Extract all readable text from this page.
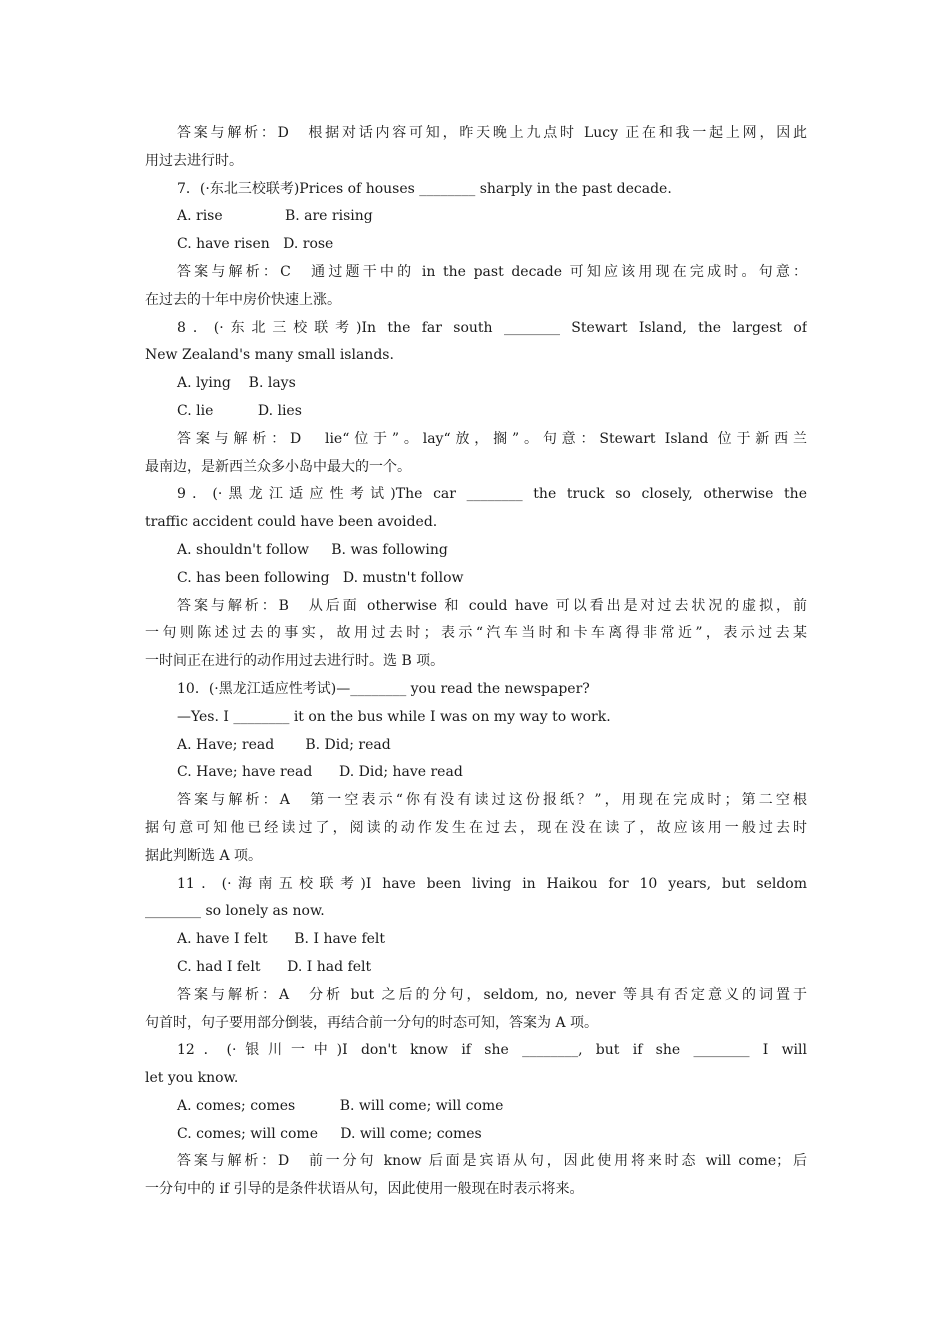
答案与解析：D　根据对话内容可知，昨天晚上九点时 Lucy 正在和我一起上网，因此
用过去进行时。
7．(·东北三校联考)Prices of houses ________ sharply in the past decade.
A. rise              B. are rising
C. have risen   D. rose
答案与解析：C　通过题干中的 in the past decade 可知应该用现在完成时。句意：
在过去的十年中房价快速上涨。
8．(·东北三校联考)In the far south ________ Stewart Island, the largest of
New Zealand's many small islands.
A. lying    B. lays
C. lie          D. lies
答案与解析：D　lie“位于”。lay“放，搁”。句意：Stewart Island 位于新西兰
最南边，是新西兰众多小岛中最大的一个。
9．(·黑龙江适应性考试)The car ________ the truck so closely, otherwise the
traffic accident could have been avoided.
A. shouldn't follow     B. was following
C. has been following   D. mustn't follow
答案与解析：B　从后面 otherwise 和 could have 可以看出是对过去状况的虚拟，前
一句则陈述过去的事实，故用过去时；表示“汽车当时和卡车离得非常近”，表示过去某
一时间正在进行的动作用过去进行时。选 B 项。
10．(·黑龙江适应性考试)—________ you read the newspaper?
—Yes. I ________ it on the bus while I was on my way to work.
A. Have; read       B. Did; read
C. Have; have read      D. Did; have read
答案与解析：A　第一空表示“你有没有读过这份报纸？”，用现在完成时；第二空根
据句意可知他已经读过了，阅读的动作发生在过去，现在没在读了，故应该用一般过去时
据此判断选 A 项。
11．(·海南五校联考)I have been living in Haikou for 10 years, but seldom
________ so lonely as now.
A. have I felt      B. I have felt
C. had I felt      D. I had felt
答案与解析：A　分析 but 之后的分句，seldom, no, never 等具有否定意义的词置于
句首时，句子要用部分倒装，再结合前一分句的时态可知，答案为 A 项。
12．(·银川一中)I don't know if she ________, but if she ________ I will
let you know.
A. comes; comes          B. will come; will come
C. comes; will come     D. will come; comes
答案与解析：D　前一分句 know 后面是宾语从句，因此使用将来时态 will come；后
一分句中的 if 引导的是条件状语从句，因此使用一般现在时表示将来。
